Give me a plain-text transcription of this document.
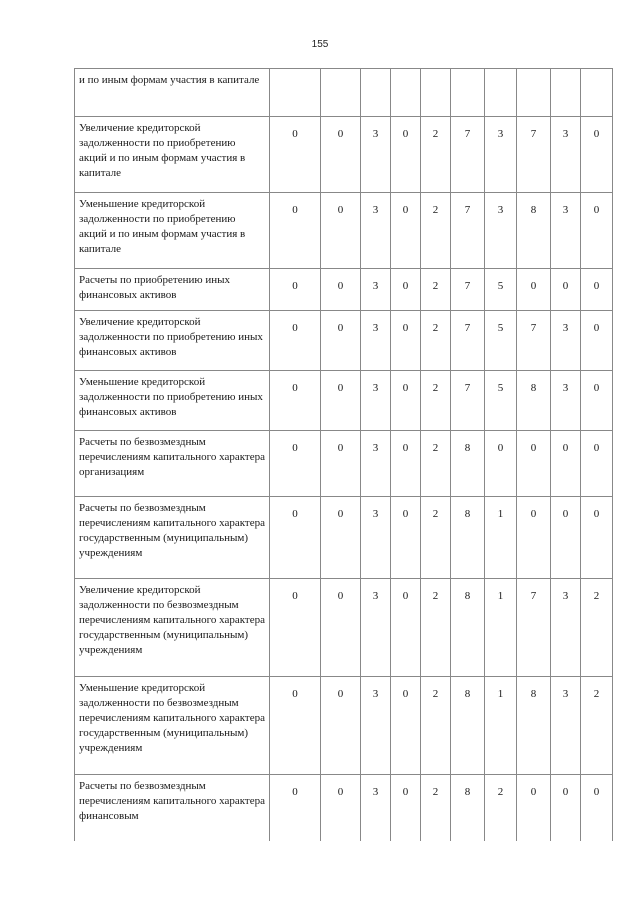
155
и по иным формам участия в капитале										
Увеличение кредиторской задолженности по приобретению акций и по иным формам участия в капитале	0	0	3	0	2	7	3	7	3	0
Уменьшение кредиторской задолженности по приобретению акций и по иным формам участия в капитале	0	0	3	0	2	7	3	8	3	0
Расчеты по приобретению иных финансовых активов	0	0	3	0	2	7	5	0	0	0
Увеличение кредиторской задолженности по приобретению иных финансовых активов	0	0	3	0	2	7	5	7	3	0
Уменьшение кредиторской задолженности по приобретению иных финансовых активов	0	0	3	0	2	7	5	8	3	0
Расчеты по безвозмездным перечислениям капитального характера организациям	0	0	3	0	2	8	0	0	0	0
Расчеты по безвозмездным перечислениям капитального характера государственным (муниципальным) учреждениям	0	0	3	0	2	8	1	0	0	0
Увеличение кредиторской задолженности по безвозмездным перечислениям капитального характера государственным (муниципальным) учреждениям	0	0	3	0	2	8	1	7	3	2
Уменьшение кредиторской задолженности по безвозмездным перечислениям капитального характера государственным (муниципальным) учреждениям	0	0	3	0	2	8	1	8	3	2
Расчеты по безвозмездным перечислениям капитального характера финансовым	0	0	3	0	2	8	2	0	0	0
